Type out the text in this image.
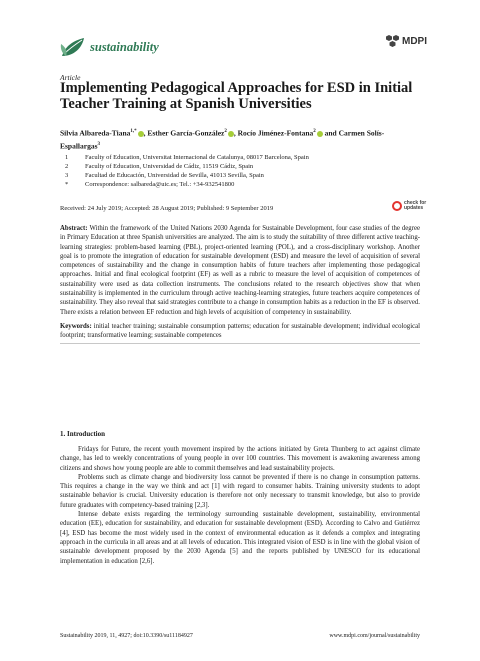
sustainability	MDPI
Article
Implementing Pedagogical Approaches for ESD in Initial Teacher Training at Spanish Universities
Silvia Albareda-Tiana$^{1,*}$ , Esther García-González$^2$ , Rocío Jiménez-Fontana$^2$ and Carmen Solís-Espallargas$^3$
1	Faculty of Education, Universitat Internacional de Catalunya, 08017 Barcelona, Spain
2	Faculty of Education, Universidad de Cádiz, 11519 Cádiz, Spain
3	Facultad de Educación, Universidad de Sevilla, 41013 Sevilla, Spain
*	Correspondence: salbareda@uic.es; Tel.: +34-932541800
Received: 24 July 2019; Accepted: 28 August 2019; Published: 9 September 2019
check for
updates

Abstract: Within the framework of the United Nations 2030 Agenda for Sustainable Development, four case studies of the degree in Primary Education at three Spanish universities are analyzed. The aim is to study the suitability of three different active teaching-learning strategies: problem-based learning (PBL), project-oriented learning (POL), and a cross-disciplinary workshop. Another goal is to promote the integration of education for sustainable development (ESD) and measure the level of acquisition of several competences of sustainability and the change in consumption habits of future teachers after implementing those pedagogical approaches. Initial and final ecological footprint (EF) as well as a rubric to measure the level of acquisition of competences of sustainability were used as data collection instruments. The conclusions related to the research objectives show that when sustainability is implemented in the curriculum through active teaching-learning strategies, future teachers acquire competences of sustainability. They also reveal that said strategies contribute to a change in consumption habits as a reduction in the EF is observed. There exists a relation between EF reduction and high levels of acquisition of competency in sustainability.

Keywords: initial teacher training; sustainable consumption patterns; education for sustainable development; individual ecological footprint; transformative learning; sustainable competences

1. Introduction

Fridays for Future, the recent youth movement inspired by the actions initiated by Greta Thunberg to act against climate change, has led to weekly concentrations of young people in over 100 countries. This movement is awakening awareness among citizens and shows how young people are able to commit themselves and lead sustainability projects.

Problems such as climate change and biodiversity loss cannot be prevented if there is no change in consumption patterns. This requires a change in the way we think and act [1] with regard to consumer habits. Training university students to adopt sustainable behavior is crucial. University education is therefore not only necessary to transmit knowledge, but also to provide future graduates with competency-based training [2,3].

Intense debate exists regarding the terminology surrounding sustainable development, sustainability, environmental education (EE), education for sustainability, and education for sustainable development (ESD). According to Calvo and Gutiérrez [4], ESD has become the most widely used in the context of environmental education as it defends a complex and integrating approach in the curricula in all areas and at all levels of education. This integrated vision of ESD is in line with the global vision of sustainable development proposed by the 2030 Agenda [5] and the reports published by UNESCO for its educational implementation in education [2,6].

Sustainability 2019, 11, 4927; doi:10.3390/su11184927	www.mdpi.com/journal/sustainability
